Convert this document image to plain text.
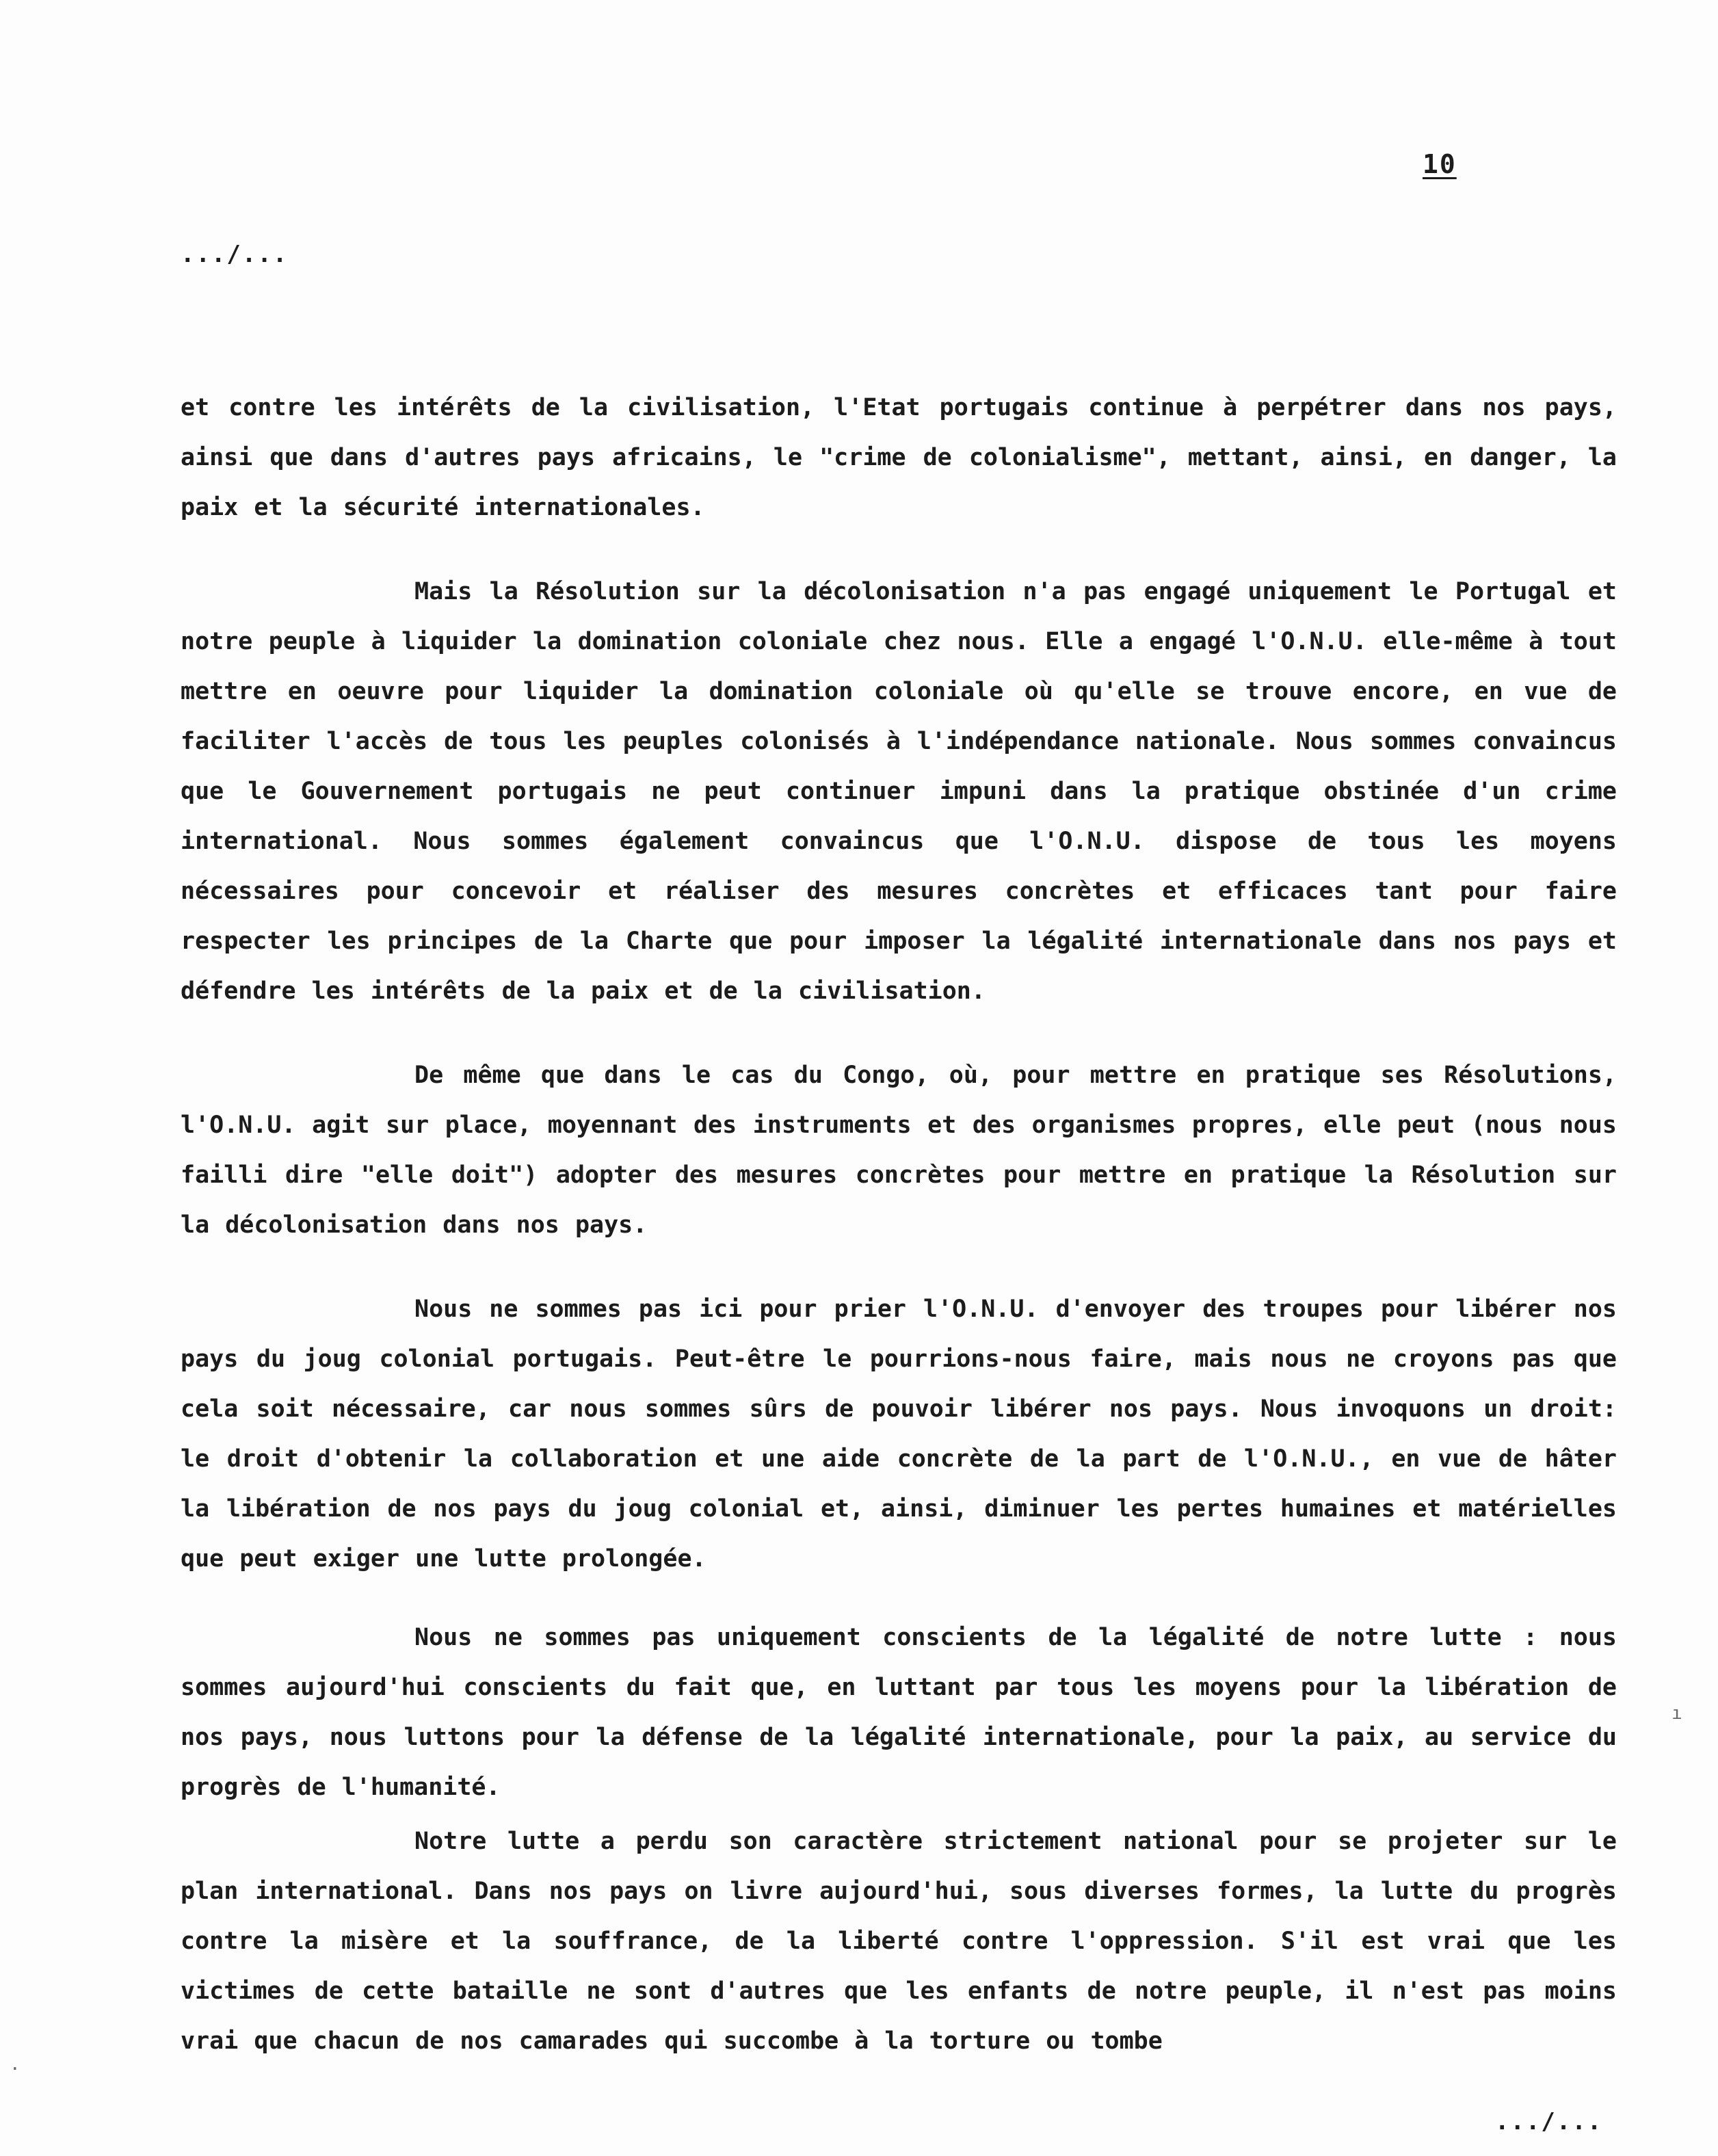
10
.../...

et contre les intérêts de la civilisation, l'Etat portugais continue à perpétrer dans nos pays, ainsi que dans d'autres pays africains, le "crime de colonialisme", mettant, ainsi, en danger, la paix et la sécurité internationales.

Mais la Résolution sur la décolonisation n'a pas engagé uniquement le Portugal et notre peuple à liquider la domination coloniale chez nous. Elle a engagé l'O.N.U. elle-même à tout mettre en oeuvre pour liquider la domination coloniale où qu'elle se trouve encore, en vue de faciliter l'accès de tous les peuples colonisés à l'indépendance nationale. Nous sommes convaincus que le Gouvernement portugais ne peut continuer impuni dans la pratique obstinée d'un crime international. Nous sommes également convaincus que l'O.N.U. dispose de tous les moyens nécessaires pour concevoir et réaliser des mesures concrètes et efficaces tant pour faire respecter les principes de la Charte que pour imposer la légalité internationale dans nos pays et défendre les intérêts de la paix et de la civilisation.

De même que dans le cas du Congo, où, pour mettre en pratique ses Résolutions, l'O.N.U. agit sur place, moyennant des instruments et des organismes propres, elle peut (nous nous failli dire "elle doit") adopter des mesures concrètes pour mettre en pratique la Résolution sur la décolonisation dans nos pays.

Nous ne sommes pas ici pour prier l'O.N.U. d'envoyer des troupes pour libérer nos pays du joug colonial portugais. Peut-être le pourrions-nous faire, mais nous ne croyons pas que cela soit nécessaire, car nous sommes sûrs de pouvoir libérer nos pays. Nous invoquons un droit: le droit d'obtenir la collaboration et une aide concrète de la part de l'O.N.U., en vue de hâter la libération de nos pays du joug colonial et, ainsi, diminuer les pertes humaines et matérielles que peut exiger une lutte prolongée.

Nous ne sommes pas uniquement conscients de la légalité de notre lutte : nous sommes aujourd'hui conscients du fait que, en luttant par tous les moyens pour la libération de nos pays, nous luttons pour la défense de la légalité internationale, pour la paix, au service du progrès de l'humanité.

Notre lutte a perdu son caractère strictement national pour se projeter sur le plan international. Dans nos pays on livre aujourd'hui, sous diverses formes, la lutte du progrès contre la misère et la souffrance, de la liberté contre l'oppression. S'il est vrai que les victimes de cette bataille ne sont d'autres que les enfants de notre peuple, il n'est pas moins vrai que chacun de nos camarades qui succombe à la torture ou tombe

.../...
·
ı
